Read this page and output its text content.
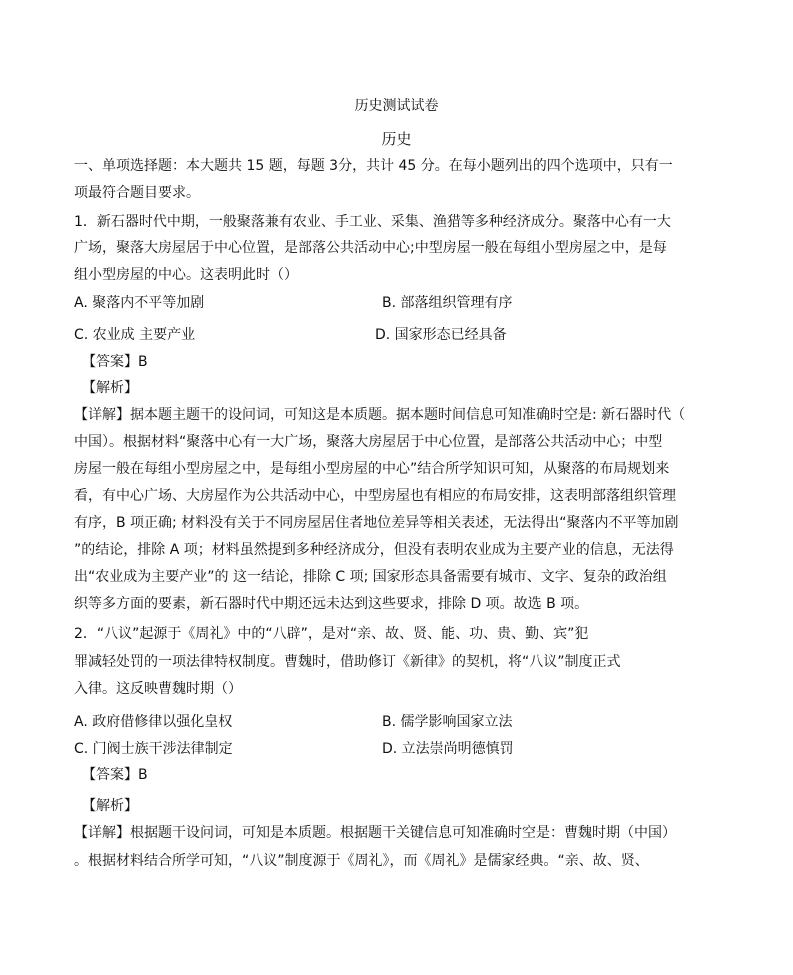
历史测试试卷
历史
一、单项选择题：本大题共 15 题，每题 3分，共计 45 分。在每小题列出的四个选项中，只有一
项最符合题目要求。
1．新石器时代中期，一般聚落兼有农业、手工业、采集、渔猎等多种经济成分。聚落中心有一大
广场，聚落大房屋居于中心位置，是部落公共活动中心;中型房屋一般在每组小型房屋之中，是每
组小型房屋的中心。这表明此时（）
A. 聚落内不平等加剧	B. 部落组织管理有序
C. 农业成 主要产业	D. 国家形态已经具备
【答案】B
【解析】
【详解】据本题主题干的设问词，可知这是本质题。据本题时间信息可知准确时空是: 新石器时代（
中国）。根据材料“聚落中心有一大广场，聚落大房屋居于中心位置，是部落公共活动中心；中型
房屋一般在每组小型房屋之中，是每组小型房屋的中心”结合所学知识可知，从聚落的布局规划来
看，有中心广场、大房屋作为公共活动中心，中型房屋也有相应的布局安排，这表明部落组织管理
有序，B 项正确; 材料没有关于不同房屋居住者地位差异等相关表述，无法得出“聚落内不平等加剧
”的结论，排除 A 项；材料虽然提到多种经济成分，但没有表明农业成为主要产业的信息，无法得
出“农业成为主要产业”的 这一结论，排除 C 项; 国家形态具备需要有城市、文字、复杂的政治组
织等多方面的要素，新石器时代中期还远未达到这些要求，排除 D 项。故选 B 项。
2．“八议”起源于《周礼》中的“八辟”，是对“亲、故、贤、能、功、贵、勤、宾”犯
罪减轻处罚的一项法律特权制度。曹魏时，借助修订《新律》的契机，将“八议”制度正式
入律。这反映曹魏时期（）
A. 政府借修律以强化皇权	B. 儒学影响国家立法
C. 门阀士族干涉法律制定	D. 立法崇尚明德慎罚
【答案】B
【解析】
【详解】根据题干设问词，可知是本质题。根据题干关键信息可知准确时空是：曹魏时期（中国）
。根据材料结合所学可知，“八议”制度源于《周礼》，而《周礼》是儒家经典。“亲、故、贤、
